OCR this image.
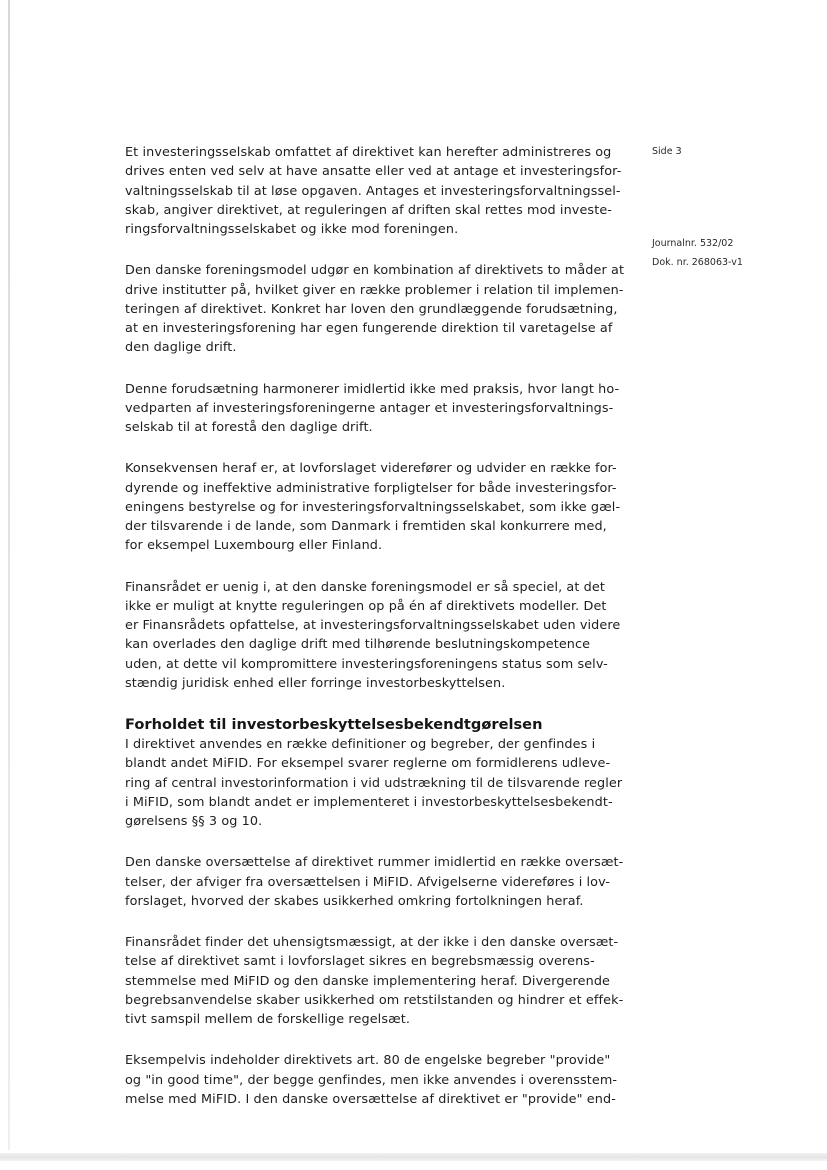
Side 3
Journalnr. 532/02
Dok. nr. 268063-v1

Et investeringsselskab omfattet af direktivet kan herefter administreres og
drives enten ved selv at have ansatte eller ved at antage et investeringsfor-
valtningsselskab til at løse opgaven. Antages et investeringsforvaltningssel-
skab, angiver direktivet, at reguleringen af driften skal rettes mod investe-
ringsforvaltningsselskabet og ikke mod foreningen.

Den danske foreningsmodel udgør en kombination af direktivets to måder at
drive institutter på, hvilket giver en række problemer i relation til implemen-
teringen af direktivet. Konkret har loven den grundlæggende forudsætning,
at en investeringsforening har egen fungerende direktion til varetagelse af
den daglige drift.

Denne forudsætning harmonerer imidlertid ikke med praksis, hvor langt ho-
vedparten af investeringsforeningerne antager et investeringsforvaltnings-
selskab til at forestå den daglige drift.

Konsekvensen heraf er, at lovforslaget viderefører og udvider en række for-
dyrende og ineffektive administrative forpligtelser for både investeringsfor-
eningens bestyrelse og for investeringsforvaltningsselskabet, som ikke gæl-
der tilsvarende i de lande, som Danmark i fremtiden skal konkurrere med,
for eksempel Luxembourg eller Finland.

Finansrådet er uenig i, at den danske foreningsmodel er så speciel, at det
ikke er muligt at knytte reguleringen op på én af direktivets modeller. Det
er Finansrådets opfattelse, at investeringsforvaltningsselskabet uden videre
kan overlades den daglige drift med tilhørende beslutningskompetence
uden, at dette vil kompromittere investeringsforeningens status som selv-
stændig juridisk enhed eller forringe investorbeskyttelsen.

Forholdet til investorbeskyttelsesbekendtgørelsen

I direktivet anvendes en række definitioner og begreber, der genfindes i
blandt andet MiFID. For eksempel svarer reglerne om formidlerens udleve-
ring af central investorinformation i vid udstrækning til de tilsvarende regler
i MiFID, som blandt andet er implementeret i investorbeskyttelsesbekendt-
gørelsens §§ 3 og 10.

Den danske oversættelse af direktivet rummer imidlertid en række oversæt-
telser, der afviger fra oversættelsen i MiFID. Afvigelserne videreføres i lov-
forslaget, hvorved der skabes usikkerhed omkring fortolkningen heraf.

Finansrådet finder det uhensigtsmæssigt, at der ikke i den danske oversæt-
telse af direktivet samt i lovforslaget sikres en begrebsmæssig overens-
stemmelse med MiFID og den danske implementering heraf. Divergerende
begrebsanvendelse skaber usikkerhed om retstilstanden og hindrer et effek-
tivt samspil mellem de forskellige regelsæt.

Eksempelvis indeholder direktivets art. 80 de engelske begreber "provide"
og "in good time", der begge genfindes, men ikke anvendes i overensstem-
melse med MiFID. I den danske oversættelse af direktivet er "provide" end-
